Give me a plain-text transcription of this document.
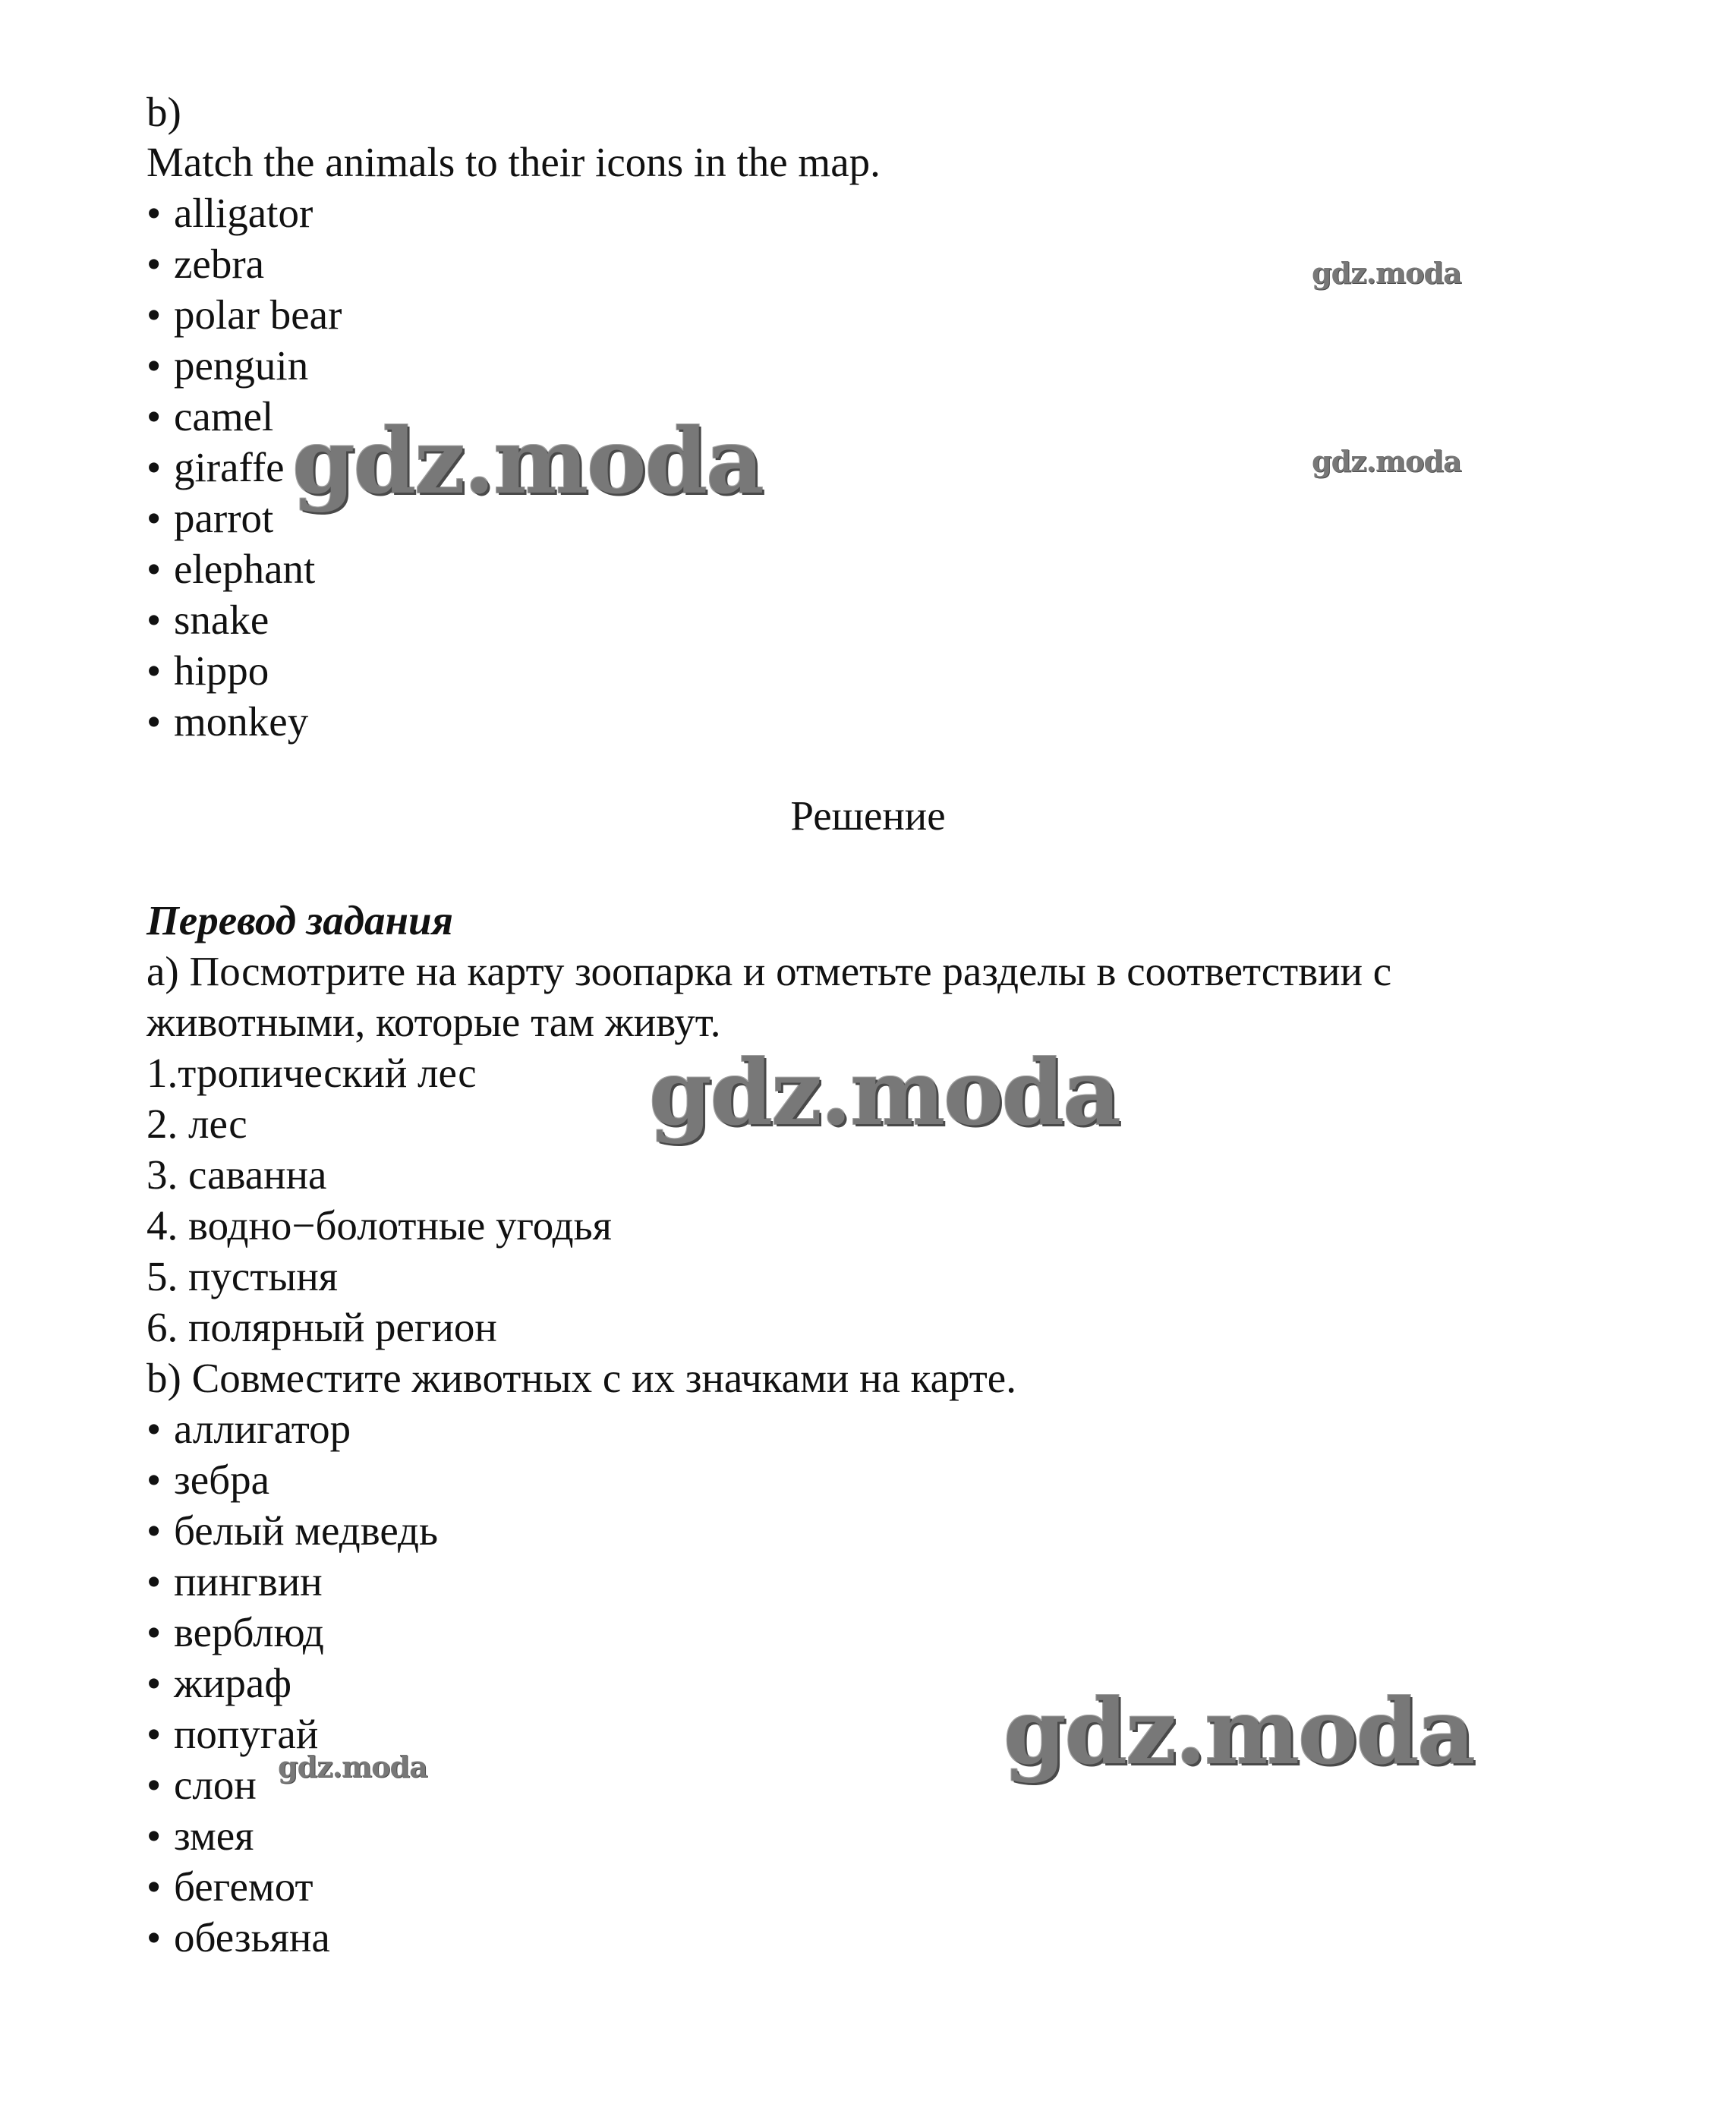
b)
Match the animals to their icons in the map.
• alligator
• zebra
• polar bear
• penguin
• camel
• giraffe
• parrot
• elephant
• snake
• hippo
• monkey
Решение
Перевод задания
a) Посмотрите на карту зоопарка и отметьте разделы в соответствии с
животными, которые там живут.
1.тропический лес
2. лес
3. саванна
4. водно−болотные угодья
5. пустыня
6. полярный регион
b) Совместите животных с их значками на карте.
• аллигатор
• зебра
• белый медведь
• пингвин
• верблюд
• жираф
• попугай
• слон
• змея
• бегемот
• обезьяна
gdz.moda
gdz.moda
gdz.moda
gdz.moda
gdz.moda
gdz.moda
